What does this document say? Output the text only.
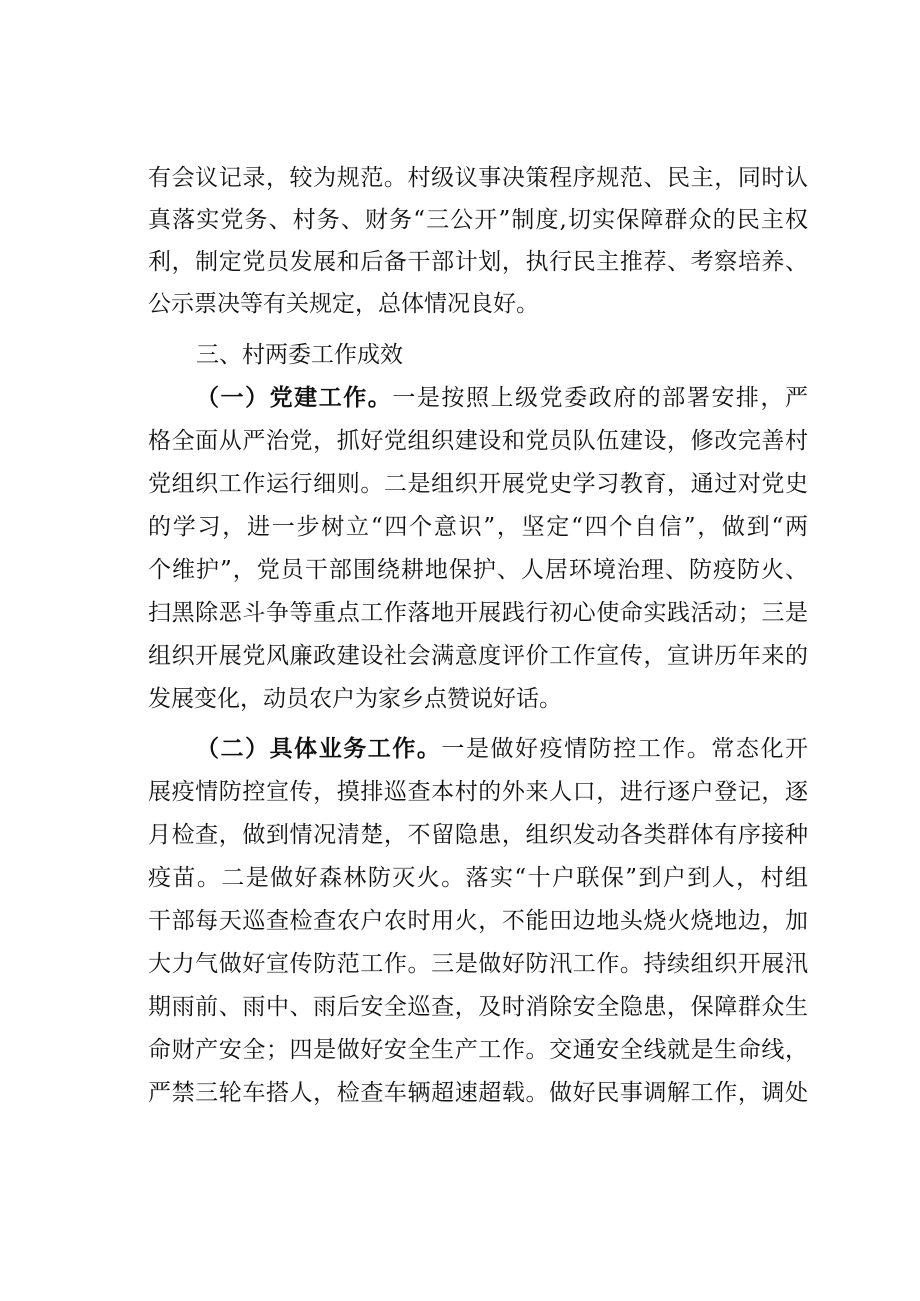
有会议记录，较为规范。村级议事决策程序规范、民主，同时认
真落实党务、村务、财务“三公开”制度,切实保障群众的民主权
利，制定党员发展和后备干部计划，执行民主推荐、考察培养、
公示票决等有关规定，总体情况良好。
三、村两委工作成效
（一）党建工作。一是按照上级党委政府的部署安排，严
格全面从严治党，抓好党组织建设和党员队伍建设，修改完善村
党组织工作运行细则。二是组织开展党史学习教育，通过对党史
的学习，进一步树立“四个意识”，坚定“四个自信”，做到“两
个维护”，党员干部围绕耕地保护、人居环境治理、防疫防火、
扫黑除恶斗争等重点工作落地开展践行初心使命实践活动；三是
组织开展党风廉政建设社会满意度评价工作宣传，宣讲历年来的
发展变化，动员农户为家乡点赞说好话。
（二）具体业务工作。一是做好疫情防控工作。常态化开
展疫情防控宣传，摸排巡查本村的外来人口，进行逐户登记，逐
月检查，做到情况清楚，不留隐患，组织发动各类群体有序接种
疫苗。二是做好森林防灭火。落实“十户联保”到户到人，村组
干部每天巡查检查农户农时用火，不能田边地头烧火烧地边，加
大力气做好宣传防范工作。三是做好防汛工作。持续组织开展汛
期雨前、雨中、雨后安全巡查，及时消除安全隐患，保障群众生
命财产安全；四是做好安全生产工作。交通安全线就是生命线，
严禁三轮车搭人，检查车辆超速超载。做好民事调解工作，调处
